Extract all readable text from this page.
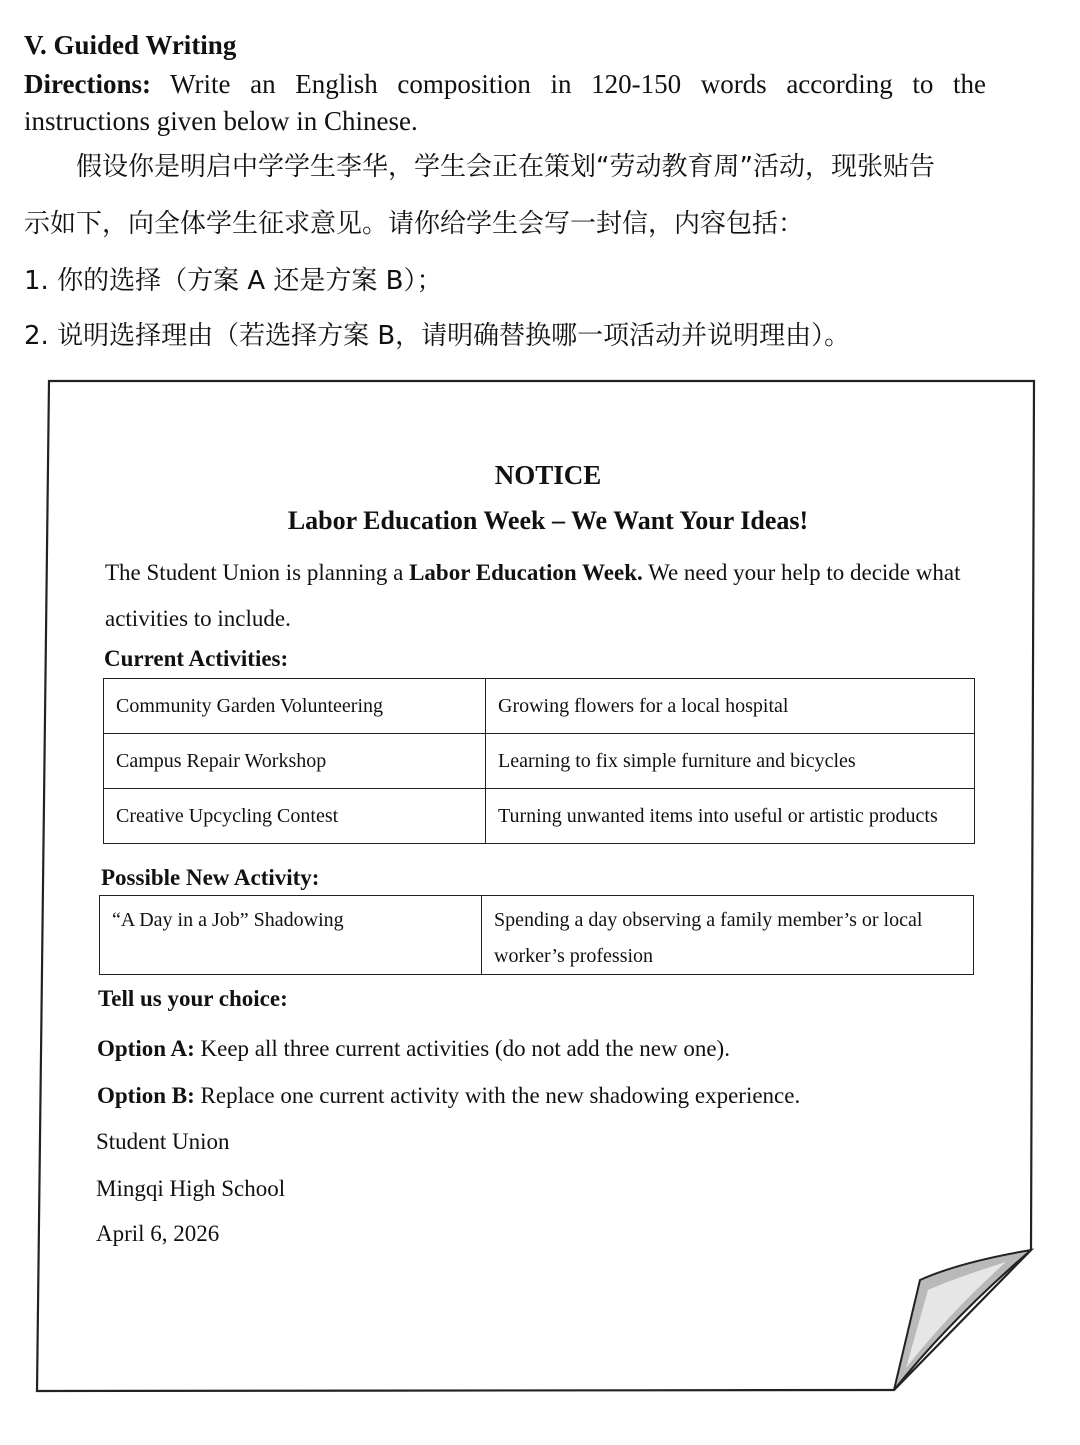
V. Guided Writing

Directions: Write an English composition in 120-150 words according to the instructions given below in Chinese.

假设你是明启中学学生李华，学生会正在策划“劳动教育周”活动，现张贴告

示如下，向全体学生征求意见。请你给学生会写一封信，内容包括：

1. 你的选择（方案 A 还是方案 B）；

2. 说明选择理由（若选择方案 B，请明确替换哪一项活动并说明理由）。

NOTICE

Labor Education Week – We Want Your Ideas!

The Student Union is planning a Labor Education Week. We need your help to decide what activities to include.

Current Activities:

Community Garden Volunteering	Growing flowers for a local hospital
Campus Repair Workshop	Learning to fix simple furniture and bicycles
Creative Upcycling Contest	Turning unwanted items into useful or artistic products

Possible New Activity:

“A Day in a Job” Shadowing	Spending a day observing a family member’s or local worker’s profession

Tell us your choice:

Option A: Keep all three current activities (do not add the new one).

Option B: Replace one current activity with the new shadowing experience.

Student Union

Mingqi High School

April 6, 2026
